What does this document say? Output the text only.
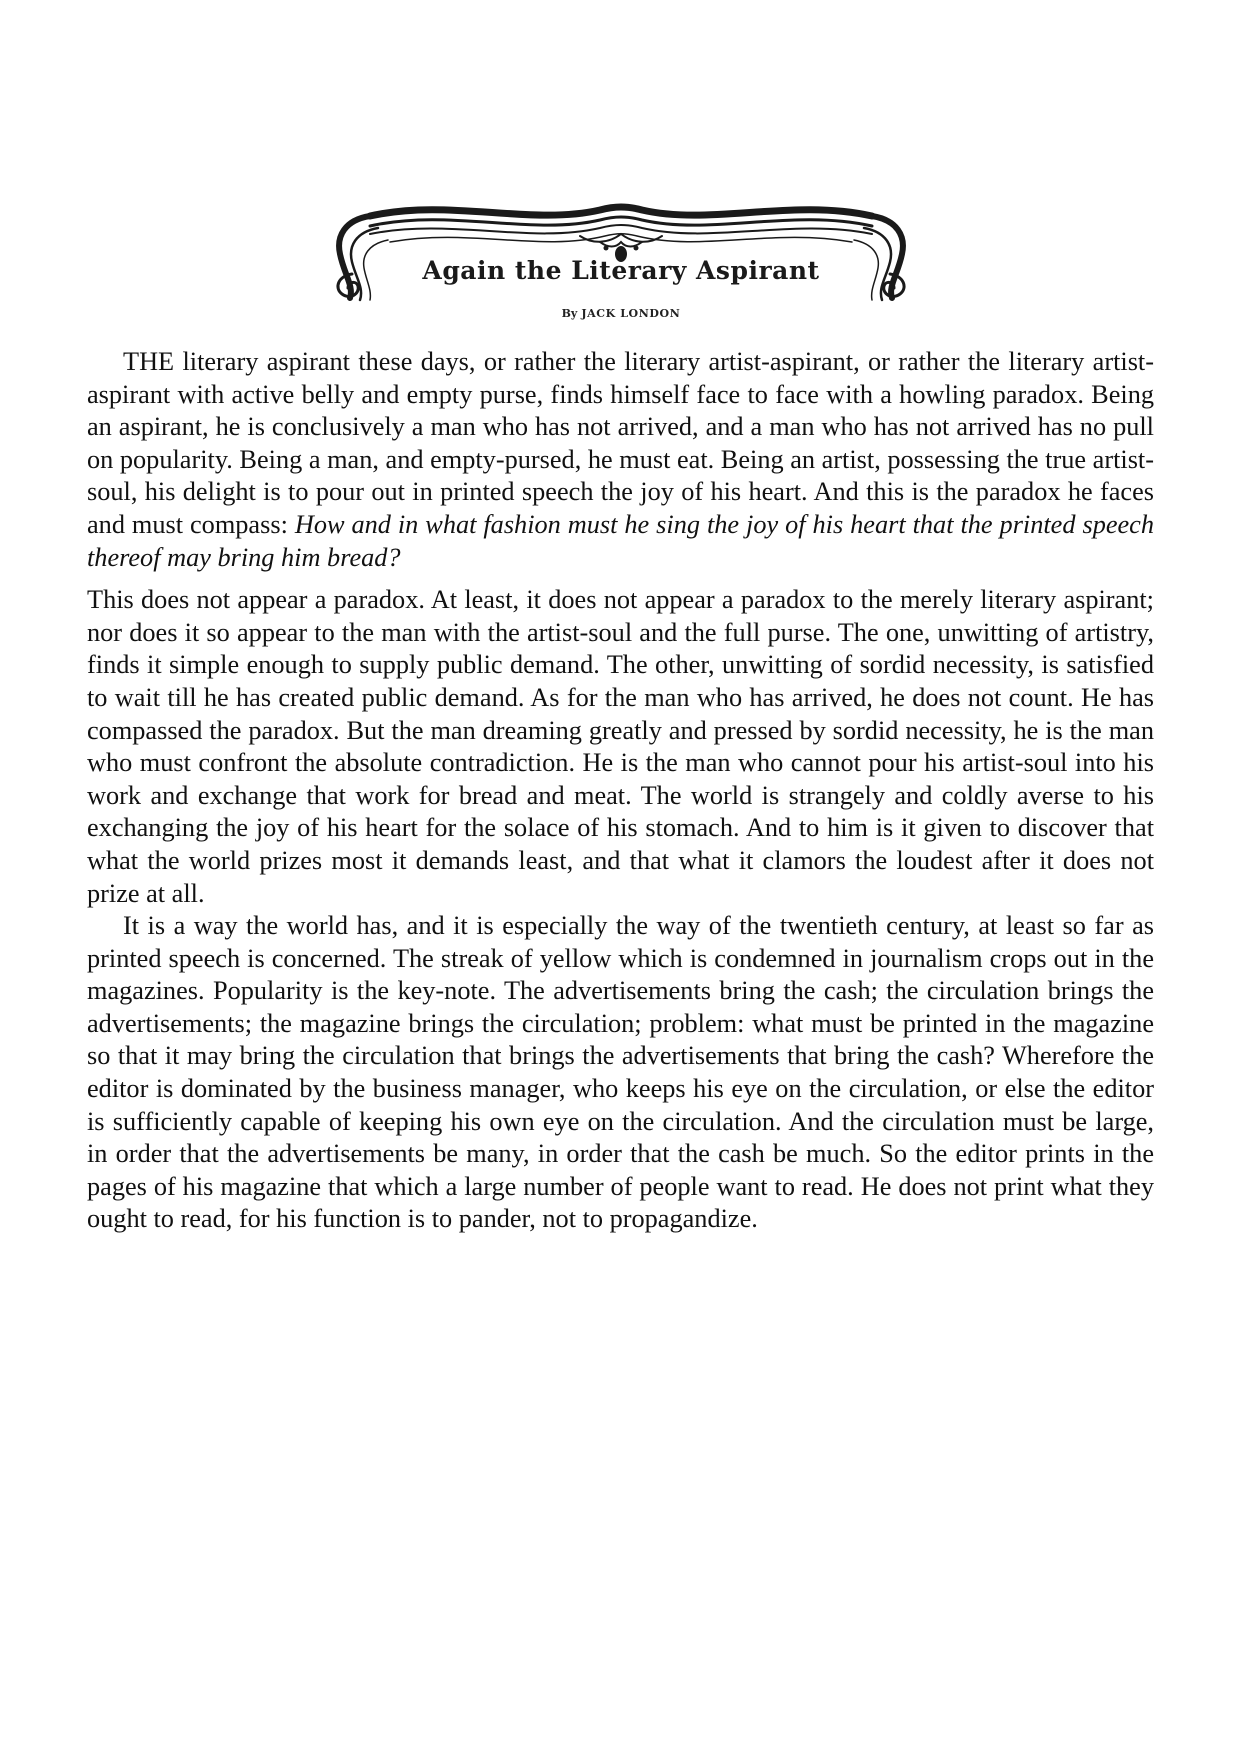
Again the Literary Aspirant
By JACK LONDON

THE literary aspirant these days, or rather the literary artist-aspirant, or rather the literary artist-aspirant with active belly and empty purse, finds himself face to face with a howling paradox. Being an aspirant, he is conclusively a man who has not arrived, and a man who has not arrived has no pull on popularity. Being a man, and empty-pursed, he must eat. Being an artist, possessing the true artist-soul, his delight is to pour out in printed speech the joy of his heart. And this is the paradox he faces and must compass: How and in what fashion must he sing the joy of his heart that the printed speech thereof may bring him bread?

This does not appear a paradox. At least, it does not appear a paradox to the merely literary aspirant; nor does it so appear to the man with the artist-soul and the full purse. The one, unwitting of artistry, finds it simple enough to supply public demand. The other, unwitting of sordid necessity, is satisfied to wait till he has created public demand. As for the man who has arrived, he does not count. He has compassed the paradox. But the man dreaming greatly and pressed by sordid necessity, he is the man who must confront the absolute contradiction. He is the man who cannot pour his artist-soul into his work and exchange that work for bread and meat. The world is strangely and coldly averse to his exchanging the joy of his heart for the solace of his stomach. And to him is it given to discover that what the world prizes most it demands least, and that what it clamors the loudest after it does not prize at all.

It is a way the world has, and it is especially the way of the twentieth century, at least so far as printed speech is concerned. The streak of yellow which is condemned in journalism crops out in the magazines. Popularity is the key-note. The advertisements bring the cash; the circulation brings the advertisements; the magazine brings the circulation; problem: what must be printed in the magazine so that it may bring the circulation that brings the advertisements that bring the cash? Wherefore the editor is dominated by the business manager, who keeps his eye on the circulation, or else the editor is sufficiently capable of keeping his own eye on the circulation. And the circulation must be large, in order that the advertisements be many, in order that the cash be much. So the editor prints in the pages of his magazine that which a large number of people want to read. He does not print what they ought to read, for his function is to pander, not to propagandize.
